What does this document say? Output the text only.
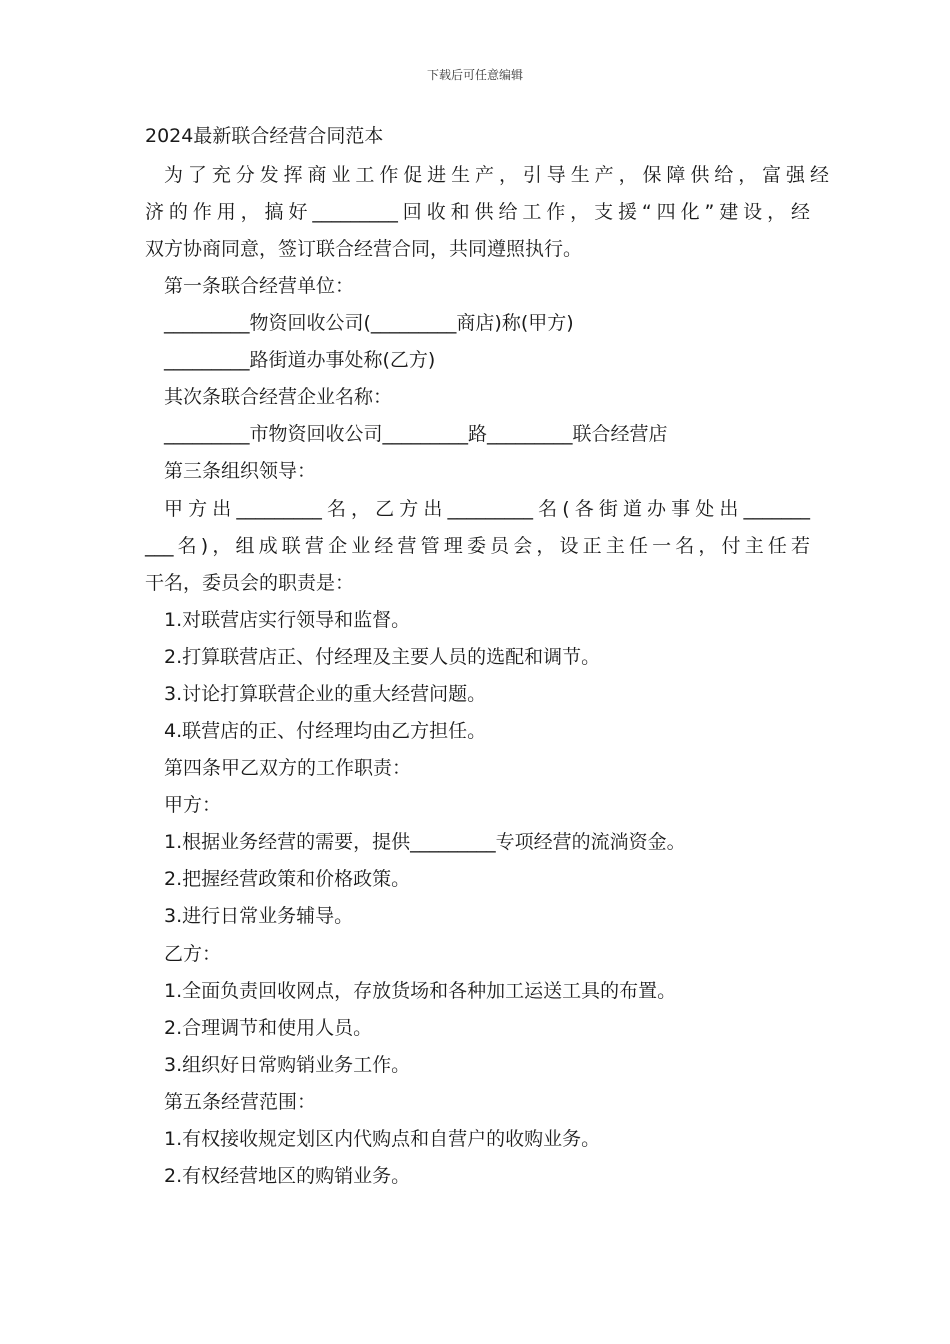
下载后可任意编辑
2024最新联合经营合同范本
为了充分发挥商业工作促进生产，引导生产，保障供给，富强经
济的作用，搞好_________回收和供给工作，支援“四化”建设，经
双方协商同意，签订联合经营合同，共同遵照执行。
第一条联合经营单位：
_________物资回收公司(_________商店)称(甲方)
_________路街道办事处称(乙方)
其次条联合经营企业名称：
_________市物资回收公司_________路_________联合经营店
第三条组织领导：
甲方出_________名，乙方出_________名(各街道办事处出_______
___名)，组成联营企业经营管理委员会，设正主任一名，付主任若
干名，委员会的职责是：
1.对联营店实行领导和监督。
2.打算联营店正、付经理及主要人员的选配和调节。
3.讨论打算联营企业的重大经营问题。
4.联营店的正、付经理均由乙方担任。
第四条甲乙双方的工作职责：
甲方：
1.根据业务经营的需要，提供_________专项经营的流淌资金。
2.把握经营政策和价格政策。
3.进行日常业务辅导。
乙方：
1.全面负责回收网点，存放货场和各种加工运送工具的布置。
2.合理调节和使用人员。
3.组织好日常购销业务工作。
第五条经营范围：
1.有权接收规定划区内代购点和自营户的收购业务。
2.有权经营地区的购销业务。
